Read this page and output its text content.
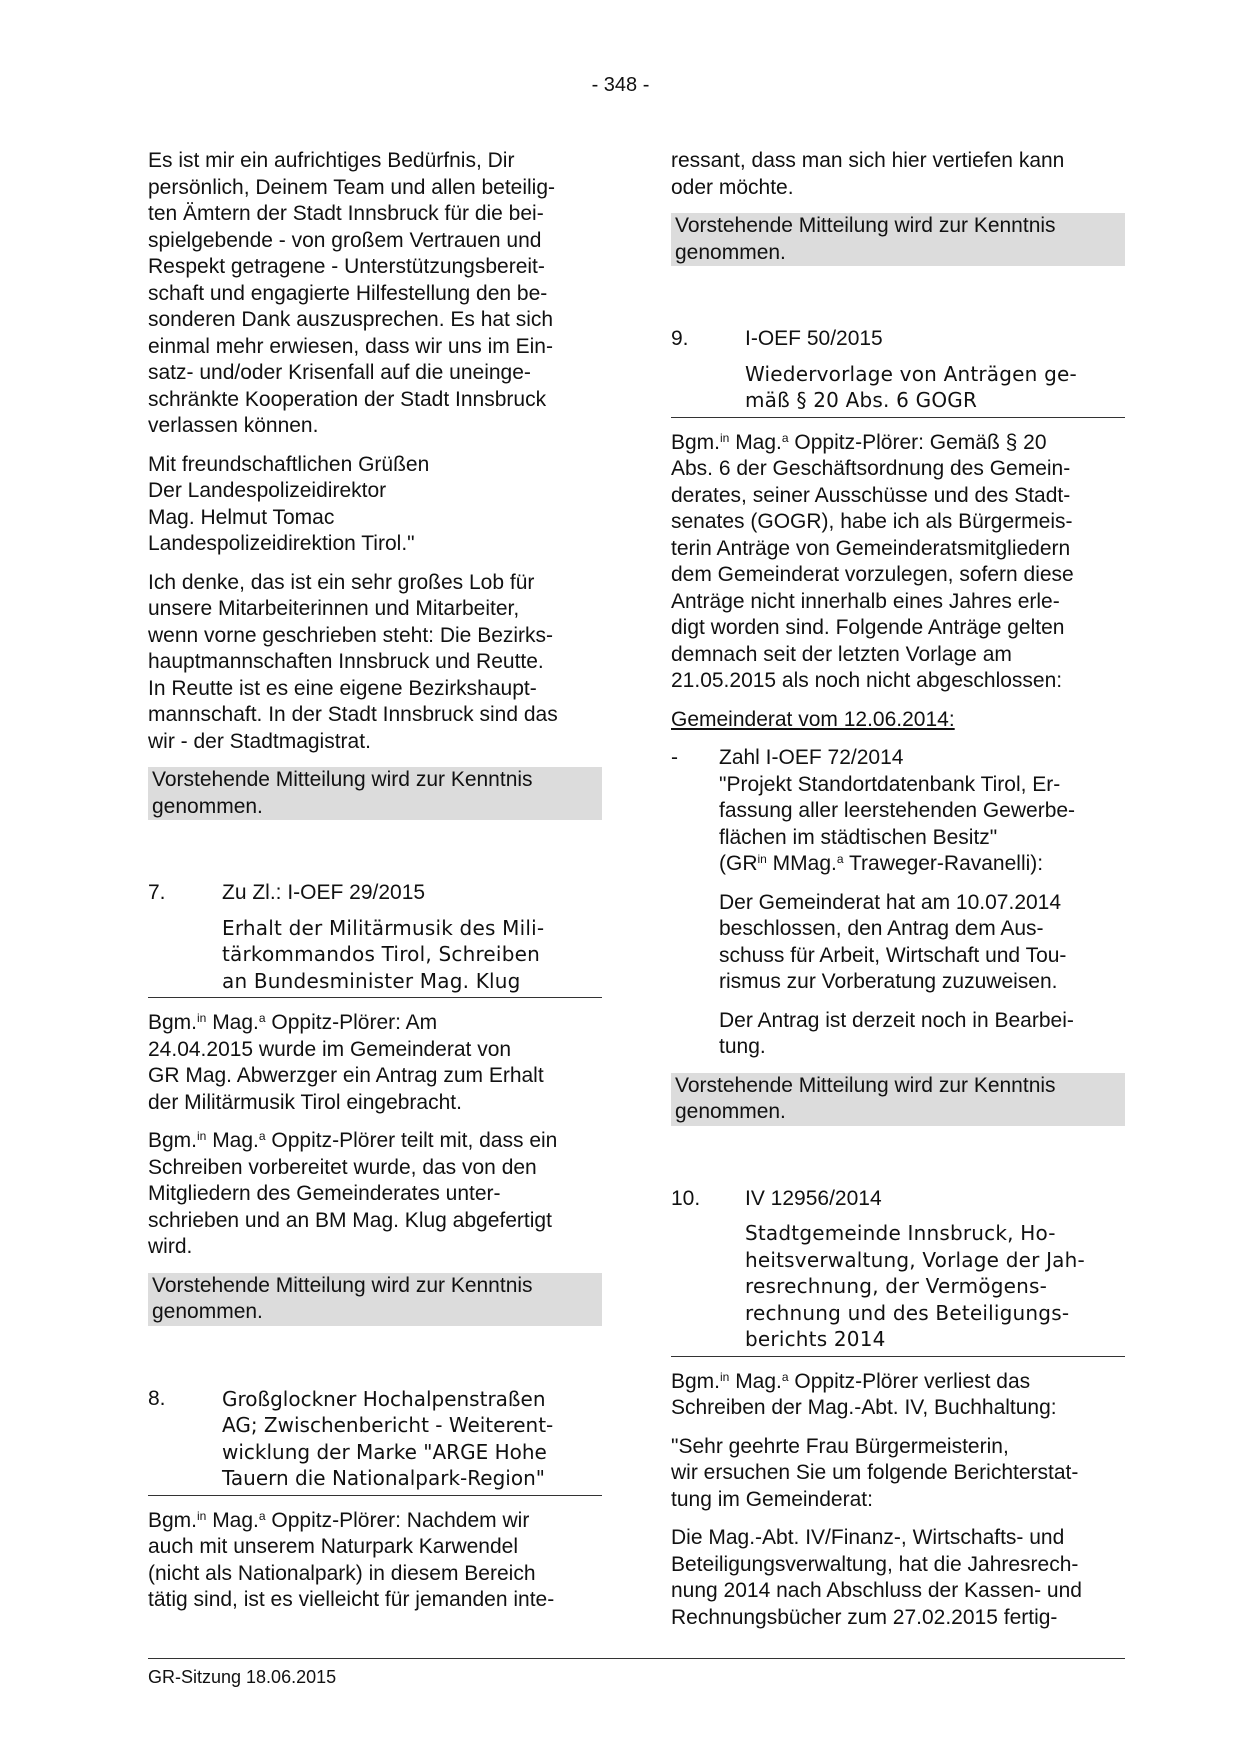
- 348 -

Es ist mir ein aufrichtiges Bedürfnis, Dir
persönlich, Deinem Team und allen beteilig-
ten Ämtern der Stadt Innsbruck für die bei-
spielgebende - von großem Vertrauen und
Respekt getragene - Unterstützungsbereit-
schaft und engagierte Hilfestellung den be-
sonderen Dank auszusprechen. Es hat sich
einmal mehr erwiesen, dass wir uns im Ein-
satz- und/oder Krisenfall auf die uneinge-
schränkte Kooperation der Stadt Innsbruck
verlassen können.

Mit freundschaftlichen Grüßen
Der Landespolizeidirektor
Mag. Helmut Tomac
Landespolizeidirektion Tirol."

Ich denke, das ist ein sehr großes Lob für
unsere Mitarbeiterinnen und Mitarbeiter,
wenn vorne geschrieben steht: Die Bezirks-
hauptmannschaften Innsbruck und Reutte.
In Reutte ist es eine eigene Bezirkshaupt-
mannschaft. In der Stadt Innsbruck sind das
wir - der Stadtmagistrat.

Vorstehende Mitteilung wird zur Kenntnis
genommen.
7.	Zu Zl.: I-OEF 29/2015
Erhalt der Militärmusik des Mili-
tärkommandos Tirol, Schreiben
an Bundesminister Mag. Klug

Bgm.$^{in}$ Mag.$^a$ Oppitz-Plörer: Am
24.04.2015 wurde im Gemeinderat von
GR Mag. Abwerzger ein Antrag zum Erhalt
der Militärmusik Tirol eingebracht.

Bgm.$^{in}$ Mag.$^a$ Oppitz-Plörer teilt mit, dass ein
Schreiben vorbereitet wurde, das von den
Mitgliedern des Gemeinderates unter-
schrieben und an BM Mag. Klug abgefertigt
wird.

Vorstehende Mitteilung wird zur Kenntnis
genommen.
8.	Großglockner Hochalpenstraßen
AG; Zwischenbericht - Weiterent-
wicklung der Marke "ARGE Hohe
Tauern die Nationalpark-Region"

Bgm.$^{in}$ Mag.$^a$ Oppitz-Plörer: Nachdem wir
auch mit unserem Naturpark Karwendel
(nicht als Nationalpark) in diesem Bereich
tätig sind, ist es vielleicht für jemanden inte-

ressant, dass man sich hier vertiefen kann
oder möchte.

Vorstehende Mitteilung wird zur Kenntnis
genommen.
9.	I-OEF 50/2015
Wiedervorlage von Anträgen ge-
mäß § 20 Abs. 6 GOGR

Bgm.$^{in}$ Mag.$^a$ Oppitz-Plörer: Gemäß § 20
Abs. 6 der Geschäftsordnung des Gemein-
derates, seiner Ausschüsse und des Stadt-
senates (GOGR), habe ich als Bürgermeis-
terin Anträge von Gemeinderatsmitgliedern
dem Gemeinderat vorzulegen, sofern diese
Anträge nicht innerhalb eines Jahres erle-
digt worden sind. Folgende Anträge gelten
demnach seit der letzten Vorlage am
21.05.2015 als noch nicht abgeschlossen:

Gemeinderat vom 12.06.2014:
-	Zahl I-OEF 72/2014
"Projekt Standortdatenbank Tirol, Er-
fassung aller leerstehenden Gewerbe-
flächen im städtischen Besitz"
($GR^{in}$ MMag.$^a$ Traweger-Ravanelli):

Der Gemeinderat hat am 10.07.2014
beschlossen, den Antrag dem Aus-
schuss für Arbeit, Wirtschaft und Tou-
rismus zur Vorberatung zuzuweisen.

Der Antrag ist derzeit noch in Bearbei-
tung.

Vorstehende Mitteilung wird zur Kenntnis
genommen.
10.	IV 12956/2014
Stadtgemeinde Innsbruck, Ho-
heitsverwaltung, Vorlage der Jah-
resrechnung, der Vermögens-
rechnung und des Beteiligungs-
berichts 2014

Bgm.$^{in}$ Mag.$^a$ Oppitz-Plörer verliest das
Schreiben der Mag.-Abt. IV, Buchhaltung:

"Sehr geehrte Frau Bürgermeisterin,
wir ersuchen Sie um folgende Berichterstat-
tung im Gemeinderat:

Die Mag.-Abt. IV/Finanz-, Wirtschafts- und
Beteiligungsverwaltung, hat die Jahresrech-
nung 2014 nach Abschluss der Kassen- und
Rechnungsbücher zum 27.02.2015 fertig-

GR-Sitzung 18.06.2015
